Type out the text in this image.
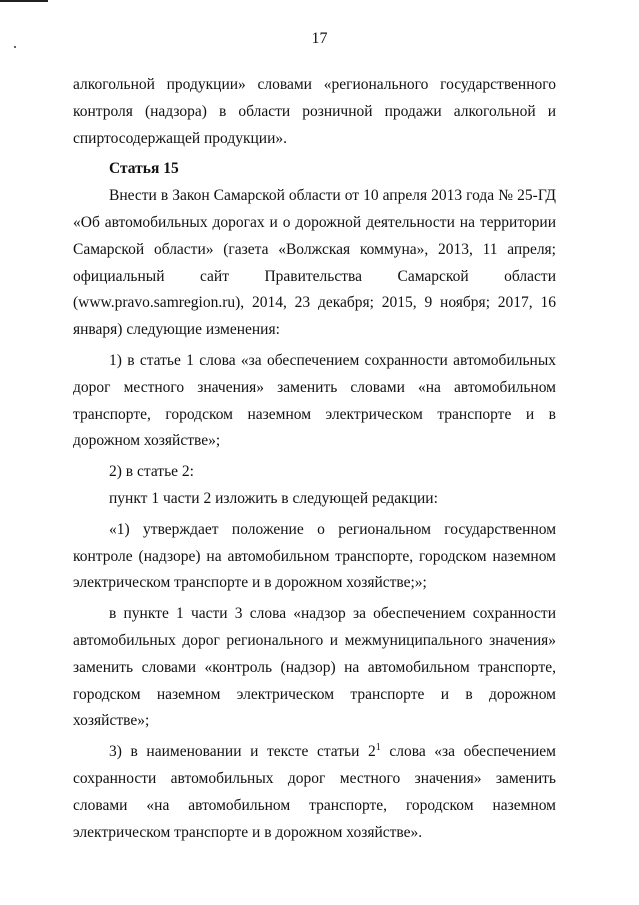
17

алкогольной продукции» словами «регионального государственного контроля (надзора) в области розничной продажи алкогольной и спиртосодержащей продукции».

Статья 15

Внести в Закон Самарской области от 10 апреля 2013 года № 25-ГД «Об автомобильных дорогах и о дорожной деятельности на территории Самарской области» (газета «Волжская коммуна», 2013, 11 апреля; официальный сайт Правительства Самарской области (www.pravo.samregion.ru), 2014, 23 декабря; 2015, 9 ноября; 2017, 16 января) следующие изменения:

1) в статье 1 слова «за обеспечением сохранности автомобильных дорог местного значения» заменить словами «на автомобильном транспорте, городском наземном электрическом транспорте и в дорожном хозяйстве»;

2) в статье 2:

пункт 1 части 2 изложить в следующей редакции:

«1) утверждает положение о региональном государственном контроле (надзоре) на автомобильном транспорте, городском наземном электрическом транспорте и в дорожном хозяйстве;»;

в пункте 1 части 3 слова «надзор за обеспечением сохранности автомобильных дорог регионального и межмуниципального значения» заменить словами «контроль (надзор) на автомобильном транспорте, городском наземном электрическом транспорте и в дорожном хозяйстве»;

3) в наименовании и тексте статьи $2^1$ слова «за обеспечением сохранности автомобильных дорог местного значения» заменить словами «на автомобильном транспорте, городском наземном электрическом транспорте и в дорожном хозяйстве».
